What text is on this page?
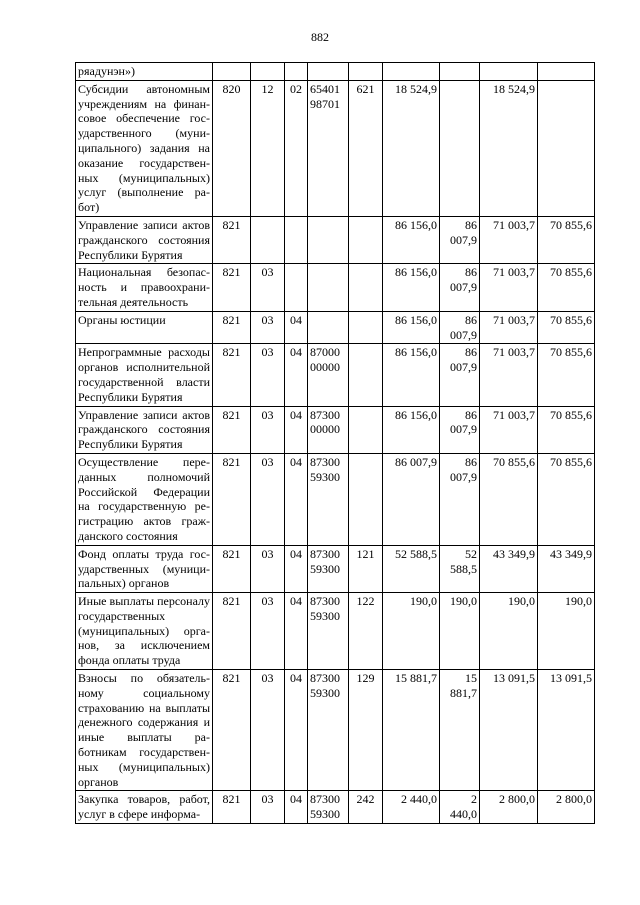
882
ряадунэн»)									
Субсидии автономным учреждениям на финансовое обеспечение государственного (муниципального) задания на оказание государственных (муниципальных) услуг (выполнение работ)	820	12	02	65401 98701	621	18 524,9		18 524,9	
Управление записи актов гражданского состояния Республики Бурятия	821					86 156,0	86 007,9	71 003,7	70 855,6
Национальная безопасность и правоохранительная деятельность	821	03				86 156,0	86 007,9	71 003,7	70 855,6
Органы юстиции	821	03	04			86 156,0	86 007,9	71 003,7	70 855,6
Непрограммные расходы органов исполнительной государственной власти Республики Бурятия	821	03	04	87000 00000		86 156,0	86 007,9	71 003,7	70 855,6
Управление записи актов гражданского состояния Республики Бурятия	821	03	04	87300 00000		86 156,0	86 007,9	71 003,7	70 855,6
Осуществление переданных полномочий Российской Федерации на государственную регистрацию актов гражданского состояния	821	03	04	87300 59300		86 007,9	86 007,9	70 855,6	70 855,6
Фонд оплаты труда государственных (муниципальных) органов	821	03	04	87300 59300	121	52 588,5	52 588,5	43 349,9	43 349,9
Иные выплаты персоналу государственных (муниципальных) органов, за исключением фонда оплаты труда	821	03	04	87300 59300	122	190,0	190,0	190,0	190,0
Взносы по обязательному социальному страхованию на выплаты денежного содержания и иные выплаты работникам государственных (муниципальных) органов	821	03	04	87300 59300	129	15 881,7	15 881,7	13 091,5	13 091,5
Закупка товаров, работ, услуг в сфере информа-	821	03	04	87300 59300	242	2 440,0	2 440,0	2 800,0	2 800,0
